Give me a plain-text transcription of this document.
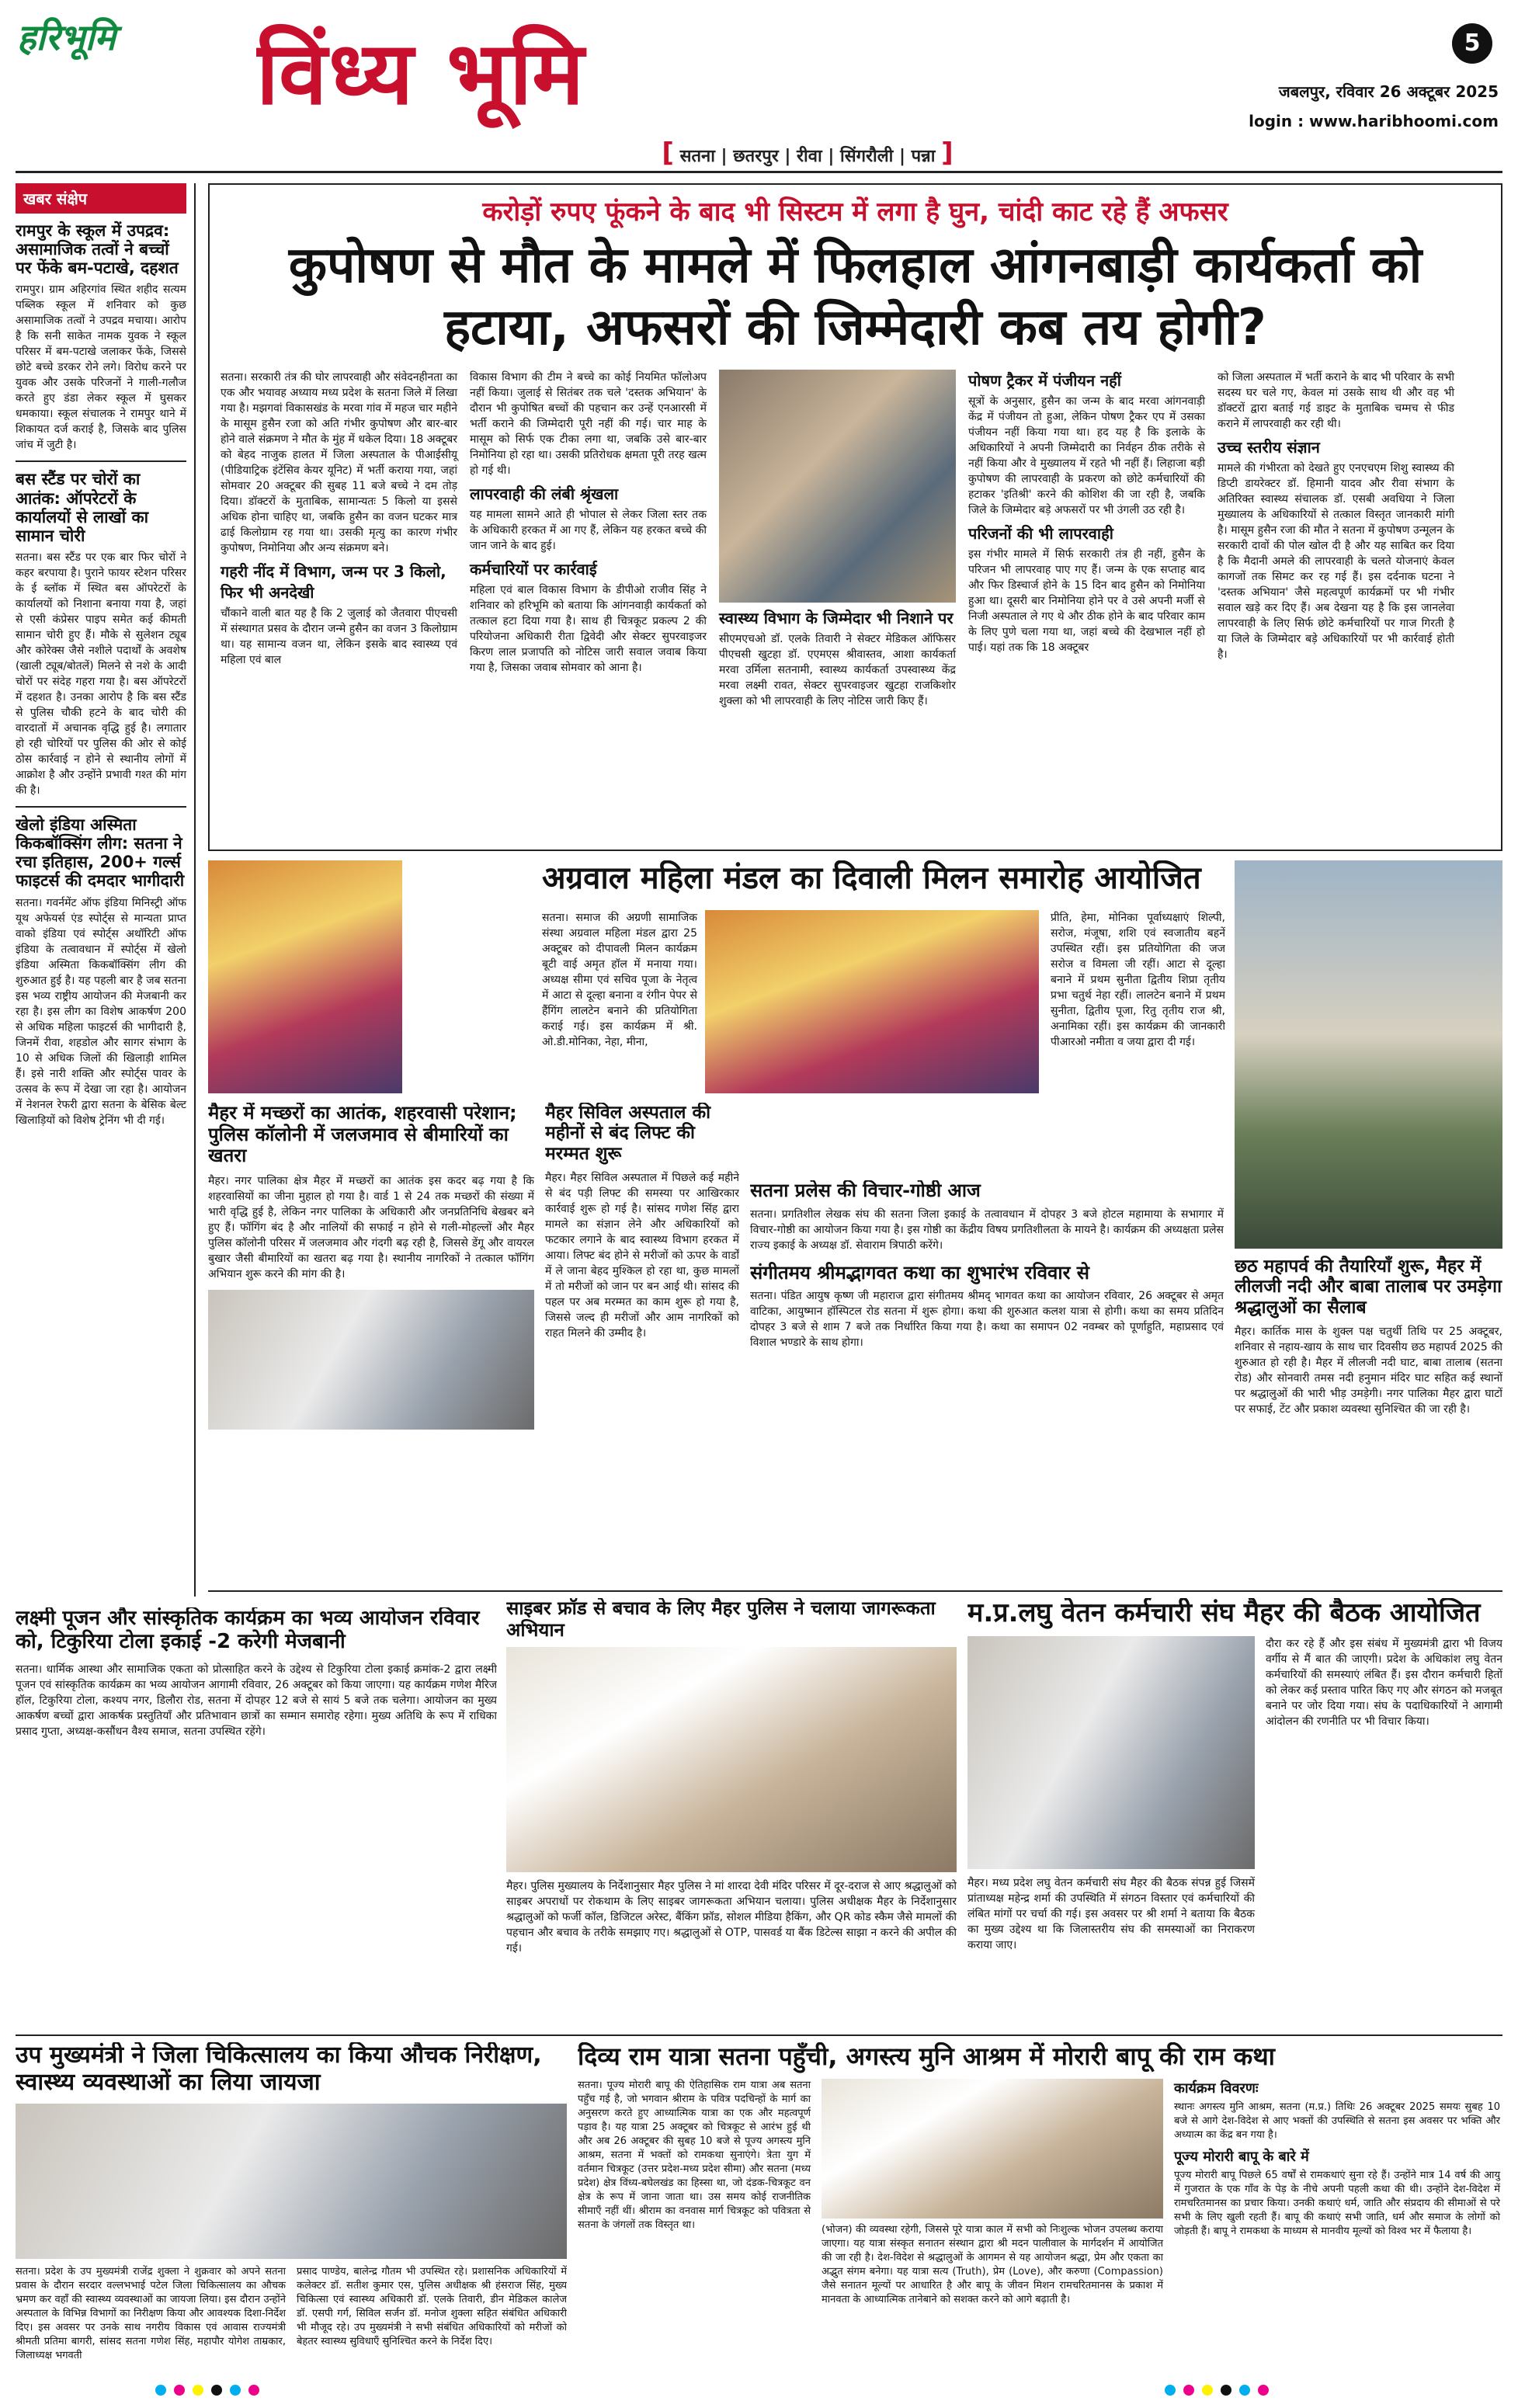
हरिभूमि	विंध्य भूमि	5
जबलपुर, रविवार 26 अक्टूबर 2025
login : www.haribhoomi.com
[ सतना | छतरपुर | रीवा | सिंगरौली | पन्ना ]
खबर संक्षेप
रामपुर के स्कूल में उपद्रव: असामाजिक तत्वों ने बच्चों पर फेंके बम-पटाखे, दहशत
रामपुर। ग्राम अहिरगांव स्थित शहीद सत्यम पब्लिक स्कूल में शनिवार को कुछ असामाजिक तत्वों ने उपद्रव मचाया। आरोप है कि सनी साकेत नामक युवक ने स्कूल परिसर में बम-पटाखे जलाकर फेंके, जिससे छोटे बच्चे डरकर रोने लगे। विरोध करने पर युवक और उसके परिजनों ने गाली-गलौज करते हुए डंडा लेकर स्कूल में घुसकर धमकाया। स्कूल संचालक ने रामपुर थाने में शिकायत दर्ज कराई है, जिसके बाद पुलिस जांच में जुटी है।
बस स्टैंड पर चोरों का आतंक: ऑपरेटरों के कार्यालयों से लाखों का सामान चोरी
सतना। बस स्टैंड पर एक बार फिर चोरों ने कहर बरपाया है। पुराने फायर स्टेशन परिसर के ई ब्लॉक में स्थित बस ऑपरेटरों के कार्यालयों को निशाना बनाया गया है, जहां से एसी कंप्रेसर पाइप समेत कई कीमती सामान चोरी हुए हैं। मौके से सुलेशन ट्यूब और कोरेक्स जैसे नशीले पदार्थों के अवशेष (खाली ट्यूब/बोतलें) मिलने से नशे के आदी चोरों पर संदेह गहरा गया है। बस ऑपरेटरों में दहशत है। उनका आरोप है कि बस स्टैंड से पुलिस चौकी हटने के बाद चोरी की वारदातों में अचानक वृद्धि हुई है। लगातार हो रही चोरियों पर पुलिस की ओर से कोई ठोस कार्रवाई न होने से स्थानीय लोगों में आक्रोश है और उन्होंने प्रभावी गश्त की मांग की है।
खेलो इंडिया अस्मिता किकबॉक्सिंग लीग: सतना ने रचा इतिहास, 200+ गर्ल्स फाइटर्स की दमदार भागीदारी
सतना। गवर्नमेंट ऑफ इंडिया मिनिस्ट्री ऑफ यूथ अफेयर्स एंड स्पोर्ट्स से मान्यता प्राप्त वाको इंडिया एवं स्पोर्ट्स अथॉरिटी ऑफ इंडिया के तत्वावधान में स्पोर्ट्स में खेलो इंडिया अस्मिता किकबॉक्सिंग लीग की शुरुआत हुई है। यह पहली बार है जब सतना इस भव्य राष्ट्रीय आयोजन की मेजबानी कर रहा है। इस लीग का विशेष आकर्षण 200 से अधिक महिला फाइटर्स की भागीदारी है, जिनमें रीवा, शहडोल और सागर संभाग के 10 से अधिक जिलों की खिलाड़ी शामिल हैं। इसे नारी शक्ति और स्पोर्ट्स पावर के उत्सव के रूप में देखा जा रहा है। आयोजन में नेशनल रेफरी द्वारा सतना के बेसिक बेल्ट खिलाड़ियों को विशेष ट्रेनिंग भी दी गई।
करोड़ों रुपए फूंकने के बाद भी सिस्टम में लगा है घुन, चांदी काट रहे हैं अफसर
कुपोषण से मौत के मामले में फिलहाल आंगनबाड़ी कार्यकर्ता को हटाया, अफसरों की जिम्मेदारी कब तय होगी?
सतना। सरकारी तंत्र की घोर लापरवाही और संवेदनहीनता का एक और भयावह अध्याय मध्य प्रदेश के सतना जिले में लिखा गया है। मझगवां विकासखंड के मरवा गांव में महज चार महीने के मासूम हुसैन रजा को अति गंभीर कुपोषण और बार-बार होने वाले संक्रमण ने मौत के मुंह में धकेल दिया। 18 अक्टूबर को बेहद नाजुक हालत में जिला अस्पताल के पीआईसीयू (पीडियाट्रिक इंटेंसिव केयर यूनिट) में भर्ती कराया गया, जहां सोमवार 20 अक्टूबर की सुबह 11 बजे बच्चे ने दम तोड़ दिया। डॉक्टरों के मुताबिक, सामान्यतः 5 किलो या इससे अधिक होना चाहिए था, जबकि हुसैन का वजन घटकर मात्र ढाई किलोग्राम रह गया था। उसकी मृत्यु का कारण गंभीर कुपोषण, निमोनिया और अन्य संक्रमण बने।
गहरी नींद में विभाग, जन्म पर 3 किलो, फिर भी अनदेखी
चौंकाने वाली बात यह है कि 2 जुलाई को जैतवारा पीएचसी में संस्थागत प्रसव के दौरान जन्मे हुसैन का वजन 3 किलोग्राम था। यह सामान्य वजन था, लेकिन इसके बाद स्वास्थ्य एवं महिला एवं बाल
विकास विभाग की टीम ने बच्चे का कोई नियमित फॉलोअप नहीं किया। जुलाई से सितंबर तक चले 'दस्तक अभियान' के दौरान भी कुपोषित बच्चों की पहचान कर उन्हें एनआरसी में भर्ती कराने की जिम्मेदारी पूरी नहीं की गई। चार माह के मासूम को सिर्फ एक टीका लगा था, जबकि उसे बार-बार निमोनिया हो रहा था। उसकी प्रतिरोधक क्षमता पूरी तरह खत्म हो गई थी।
लापरवाही की लंबी श्रृंखला
यह मामला सामने आते ही भोपाल से लेकर जिला स्तर तक के अधिकारी हरकत में आ गए हैं, लेकिन यह हरकत बच्चे की जान जाने के बाद हुई।
कर्मचारियों पर कार्रवाई
महिला एवं बाल विकास विभाग के डीपीओ राजीव सिंह ने शनिवार को हरिभूमि को बताया कि आंगनवाड़ी कार्यकर्ता को तत्काल हटा दिया गया है। साथ ही चित्रकूट प्रकल्प 2 की परियोजना अधिकारी रीता द्विवेदी और सेक्टर सुपरवाइजर किरण लाल प्रजापति को नोटिस जारी सवाल जवाब किया गया है, जिसका जवाब सोमवार को आना है।
स्वास्थ्य विभाग के जिम्मेदार भी निशाने पर
सीएमएचओ डॉ. एलके तिवारी ने सेक्टर मेडिकल ऑफिसर पीएचसी खुटहा डॉ. एएमएस श्रीवास्तव, आशा कार्यकर्ता मरवा उर्मिला सतनामी, स्वास्थ्य कार्यकर्ता उपस्वास्थ्य केंद्र मरवा लक्ष्मी रावत, सेक्टर सुपरवाइजर खुटहा राजकिशोर शुक्ला को भी लापरवाही के लिए नोटिस जारी किए हैं।
पोषण ट्रैकर में पंजीयन नहीं
सूत्रों के अनुसार, हुसैन का जन्म के बाद मरवा आंगनवाड़ी केंद्र में पंजीयन तो हुआ, लेकिन पोषण ट्रैकर एप में उसका पंजीयन नहीं किया गया था। हद यह है कि इलाके के अधिकारियों ने अपनी जिम्मेदारी का निर्वहन ठीक तरीके से नहीं किया और वे मुख्यालय में रहते भी नहीं हैं। लिहाजा बड़ी कुपोषण की लापरवाही के प्रकरण को छोटे कर्मचारियों की हटाकर 'इतिश्री' करने की कोशिश की जा रही है, जबकि जिले के जिम्मेदार बड़े अफसरों पर भी उंगली उठ रही है।
परिजनों की भी लापरवाही
इस गंभीर मामले में सिर्फ सरकारी तंत्र ही नहीं, हुसैन के परिजन भी लापरवाह पाए गए हैं। जन्म के एक सप्ताह बाद और फिर डिस्चार्ज होने के 15 दिन बाद हुसैन को निमोनिया हुआ था। दूसरी बार निमोनिया होने पर वे उसे अपनी मर्जी से निजी अस्पताल ले गए थे और ठीक होने के बाद परिवार काम के लिए पुणे चला गया था, जहां बच्चे की देखभाल नहीं हो पाई। यहां तक कि 18 अक्टूबर
को जिला अस्पताल में भर्ती कराने के बाद भी परिवार के सभी सदस्य घर चले गए, केवल मां उसके साथ थी और वह भी डॉक्टरों द्वारा बताई गई डाइट के मुताबिक चम्मच से फीड कराने में लापरवाही कर रही थी।
उच्च स्तरीय संज्ञान
मामले की गंभीरता को देखते हुए एनएचएम शिशु स्वास्थ्य की डिप्टी डायरेक्टर डॉ. हिमानी यादव और रीवा संभाग के अतिरिक्त स्वास्थ्य संचालक डॉ. एसबी अवधिया ने जिला मुख्यालय के अधिकारियों से तत्काल विस्तृत जानकारी मांगी है। मासूम हुसैन रजा की मौत ने सतना में कुपोषण उन्मूलन के सरकारी दावों की पोल खोल दी है और यह साबित कर दिया है कि मैदानी अमले की लापरवाही के चलते योजनाएं केवल कागजों तक सिमट कर रह गई हैं। इस दर्दनाक घटना ने 'दस्तक अभियान' जैसे महत्वपूर्ण कार्यक्रमों पर भी गंभीर सवाल खड़े कर दिए हैं। अब देखना यह है कि इस जानलेवा लापरवाही के लिए सिर्फ छोटे कर्मचारियों पर गाज गिरती है या जिले के जिम्मेदार बड़े अधिकारियों पर भी कार्रवाई होती है।
अग्रवाल महिला मंडल का दिवाली मिलन समारोह आयोजित
सतना। समाज की अग्रणी सामाजिक संस्था अग्रवाल महिला मंडल द्वारा 25 अक्टूबर को दीपावली मिलन कार्यक्रम बूटी वाई अमृत हॉल में मनाया गया। अध्यक्ष सीमा एवं सचिव पूजा के नेतृत्व में आटा से दूल्हा बनाना व रंगीन पेपर से हैंगिंग लालटेन बनाने की प्रतियोगिता कराई गई। इस कार्यक्रम में श्री. ओ.डी.मोनिका, नेहा, मीना,
प्रीति, हेमा, मोनिका पूर्वाध्यक्षाएं शिल्पी, सरोज, मंजूषा, शशि एवं स्वजातीय बहनें उपस्थित रहीं। इस प्रतियोगिता की जज सरोज व विमला जी रहीं। आटा से दूल्हा बनाने में प्रथम सुनीता द्वितीय शिप्रा तृतीय प्रभा चतुर्थ नेहा रहीं। लालटेन बनाने में प्रथम सुनीता, द्वितीय पूजा, रितु तृतीय राज श्री, अनामिका रहीं। इस कार्यक्रम की जानकारी पीआरओ नमीता व जया द्वारा दी गई।
मैहर में मच्छरों का आतंक, शहरवासी परेशान; पुलिस कॉलोनी में जलजमाव से बीमारियों का खतरा
मैहर। नगर पालिका क्षेत्र मैहर में मच्छरों का आतंक इस कदर बढ़ गया है कि शहरवासियों का जीना मुहाल हो गया है। वार्ड 1 से 24 तक मच्छरों की संख्या में भारी वृद्धि हुई है, लेकिन नगर पालिका के अधिकारी और जनप्रतिनिधि बेखबर बने हुए हैं। फॉगिंग बंद है और नालियों की सफाई न होने से गली-मोहल्लों और मैहर पुलिस कॉलोनी परिसर में जलजमाव और गंदगी बढ़ रही है, जिससे डेंगू और वायरल बुखार जैसी बीमारियों का खतरा बढ़ गया है। स्थानीय नागरिकों ने तत्काल फॉगिंग अभियान शुरू करने की मांग की है।
मैहर सिविल अस्पताल की महीनों से बंद लिफ्ट की मरम्मत शुरू
मैहर। मैहर सिविल अस्पताल में पिछले कई महीने से बंद पड़ी लिफ्ट की समस्या पर आखिरकार कार्रवाई शुरू हो गई है। सांसद गणेश सिंह द्वारा मामले का संज्ञान लेने और अधिकारियों को फटकार लगाने के बाद स्वास्थ्य विभाग हरकत में आया। लिफ्ट बंद होने से मरीजों को ऊपर के वार्डों में ले जाना बेहद मुश्किल हो रहा था, कुछ मामलों में तो मरीजों को जान पर बन आई थी। सांसद की पहल पर अब मरम्मत का काम शुरू हो गया है, जिससे जल्द ही मरीजों और आम नागरिकों को राहत मिलने की उम्मीद है।
सतना प्रलेस की विचार-गोष्ठी आज
सतना। प्रगतिशील लेखक संघ की सतना जिला इकाई के तत्वावधान में दोपहर 3 बजे होटल महामाया के सभागार में विचार-गोष्ठी का आयोजन किया गया है। इस गोष्ठी का केंद्रीय विषय प्रगतिशीलता के मायने है। कार्यक्रम की अध्यक्षता प्रलेस राज्य इकाई के अध्यक्ष डॉ. सेवाराम त्रिपाठी करेंगे।
संगीतमय श्रीमद्भागवत कथा का शुभारंभ रविवार से
सतना। पंडित आयुष कृष्ण जी महाराज द्वारा संगीतमय श्रीमद् भागवत कथा का आयोजन रविवार, 26 अक्टूबर से अमृत वाटिका, आयुष्मान हॉस्पिटल रोड सतना में शुरू होगा। कथा की शुरुआत कलश यात्रा से होगी। कथा का समय प्रतिदिन दोपहर 3 बजे से शाम 7 बजे तक निर्धारित किया गया है। कथा का समापन 02 नवम्बर को पूर्णाहुति, महाप्रसाद एवं विशाल भण्डारे के साथ होगा।
छठ महापर्व की तैयारियाँ शुरू, मैहर में लीलजी नदी और बाबा तालाब पर उमड़ेगा श्रद्धालुओं का सैलाब
मैहर। कार्तिक मास के शुक्ल पक्ष चतुर्थी तिथि पर 25 अक्टूबर, शनिवार से नहाय-खाय के साथ चार दिवसीय छठ महापर्व 2025 की शुरुआत हो रही है। मैहर में लीलजी नदी घाट, बाबा तालाब (सतना रोड) और सोनवारी तमस नदी हनुमान मंदिर घाट सहित कई स्थानों पर श्रद्धालुओं की भारी भीड़ उमड़ेगी। नगर पालिका मैहर द्वारा घाटों पर सफाई, टेंट और प्रकाश व्यवस्था सुनिश्चित की जा रही है।
साइबर फ्रॉड से बचाव के लिए मैहर पुलिस ने चलाया जागरूकता अभियान
मैहर। पुलिस मुख्यालय के निर्देशानुसार मैहर पुलिस ने मां शारदा देवी मंदिर परिसर में दूर-दराज से आए श्रद्धालुओं को साइबर अपराधों पर रोकथाम के लिए साइबर जागरूकता अभियान चलाया। पुलिस अधीक्षक मैहर के निर्देशानुसार श्रद्धालुओं को फर्जी कॉल, डिजिटल अरेस्ट, बैंकिंग फ्रॉड, सोशल मीडिया हैकिंग, और QR कोड स्कैम जैसे मामलों की पहचान और बचाव के तरीके समझाए गए। श्रद्धालुओं से OTP, पासवर्ड या बैंक डिटेल्स साझा न करने की अपील की गई।
म.प्र.लघु वेतन कर्मचारी संघ मैहर की बैठक आयोजित
मैहर। मध्य प्रदेश लघु वेतन कर्मचारी संघ मैहर की बैठक संपन्न हुई जिसमें प्रांताध्यक्ष महेन्द्र शर्मा की उपस्थिति में संगठन विस्तार एवं कर्मचारियों की लंबित मांगों पर चर्चा की गई। इस अवसर पर श्री शर्मा ने बताया कि बैठक का मुख्य उद्देश्य था कि जिलास्तरीय संघ की समस्याओं का निराकरण कराया जाए।
दौरा कर रहे हैं और इस संबंध में मुख्यमंत्री द्वारा भी विजय वर्गीय से मैं बात की जाएगी। प्रदेश के अधिकांश लघु वेतन कर्मचारियों की समस्याएं लंबित हैं। इस दौरान कर्मचारी हितों को लेकर कई प्रस्ताव पारित किए गए और संगठन को मजबूत बनाने पर जोर दिया गया। संघ के पदाधिकारियों ने आगामी आंदोलन की रणनीति पर भी विचार किया।
लक्ष्मी पूजन और सांस्कृतिक कार्यक्रम का भव्य आयोजन रविवार को, टिकुरिया टोला इकाई -2 करेगी मेजबानी
सतना। धार्मिक आस्था और सामाजिक एकता को प्रोत्साहित करने के उद्देश्य से टिकुरिया टोला इकाई क्रमांक-2 द्वारा लक्ष्मी पूजन एवं सांस्कृतिक कार्यक्रम का भव्य आयोजन आगामी रविवार, 26 अक्टूबर को किया जाएगा। यह कार्यक्रम गणेश मैरिज हॉल, टिकुरिया टोला, कश्यप नगर, डिलौरा रोड, सतना में दोपहर 12 बजे से सायं 5 बजे तक चलेगा। आयोजन का मुख्य आकर्षण बच्चों द्वारा आकर्षक प्रस्तुतियाँ और प्रतिभावान छात्रों का सम्मान समारोह रहेगा। मुख्य अतिथि के रूप में राधिका प्रसाद गुप्ता, अध्यक्ष-कसौंधन वैश्य समाज, सतना उपस्थित रहेंगे।
उप मुख्यमंत्री ने जिला चिकित्सालय का किया औचक निरीक्षण, स्वास्थ्य व्यवस्थाओं का लिया जायजा
सतना। प्रदेश के उप मुख्यमंत्री राजेंद्र शुक्ला ने शुक्रवार को अपने सतना प्रवास के दौरान सरदार वल्लभभाई पटेल जिला चिकित्सालय का औचक भ्रमण कर वहाँ की स्वास्थ्य व्यवस्थाओं का जायजा लिया। इस दौरान उन्होंने अस्पताल के विभिन्न विभागों का निरीक्षण किया और आवश्यक दिशा-निर्देश दिए। इस अवसर पर उनके साथ नगरीय विकास एवं आवास राज्यमंत्री श्रीमती प्रतिमा बागरी, सांसद सतना गणेश सिंह, महापौर योगेश ताम्रकार, जिलाध्यक्ष भगवती
प्रसाद पाण्डेय, बालेन्द्र गौतम भी उपस्थित रहे। प्रशासनिक अधिकारियों में कलेक्टर डॉ. सतीश कुमार एस, पुलिस अधीक्षक श्री हंसराज सिंह, मुख्य चिकित्सा एवं स्वास्थ्य अधिकारी डॉ. एलके तिवारी, डीन मेडिकल कालेज डॉ. एसपी गर्ग, सिविल सर्जन डॉ. मनोज शुक्ला सहित संबंधित अधिकारी भी मौजूद रहे। उप मुख्यमंत्री ने सभी संबंधित अधिकारियों को मरीजों को बेहतर स्वास्थ्य सुविधाएँ सुनिश्चित करने के निर्देश दिए।
दिव्य राम यात्रा सतना पहुँची, अगस्त्य मुनि आश्रम में मोरारी बापू की राम कथा
सतना। पूज्य मोरारी बापू की ऐतिहासिक राम यात्रा अब सतना पहुँच गई है, जो भगवान श्रीराम के पवित्र पदचिन्हों के मार्ग का अनुसरण करते हुए आध्यात्मिक यात्रा का एक और महत्वपूर्ण पड़ाव है। यह यात्रा 25 अक्टूबर को चित्रकूट से आरंभ हुई थी और अब 26 अक्टूबर की सुबह 10 बजे से पूज्य अगस्त्य मुनि आश्रम, सतना में भक्तों को रामकथा सुनाएंगे। त्रेता युग में वर्तमान चित्रकूट (उत्तर प्रदेश-मध्य प्रदेश सीमा) और सतना (मध्य प्रदेश) क्षेत्र विंध्य-बघेलखंड का हिस्सा था, जो दंडक-चित्रकूट वन क्षेत्र के रूप में जाना जाता था। उस समय कोई राजनीतिक सीमाएँ नहीं थीं। श्रीराम का वनवास मार्ग चित्रकूट को पवित्रता से सतना के जंगलों तक विस्तृत था।	(भोजन) की व्यवस्था रहेगी, जिससे पूरे यात्रा काल में सभी को निःशुल्क भोजन उपलब्ध कराया जाएगा। यह यात्रा संस्कृत सनातन संस्थान द्वारा श्री मदन पालीवाल के मार्गदर्शन में आयोजित की जा रही है। देश-विदेश से श्रद्धालुओं के आगमन से यह आयोजन श्रद्धा, प्रेम और एकता का अद्भुत संगम बनेगा। यह यात्रा सत्य (Truth), प्रेम (Love), और करुणा (Compassion) जैसे सनातन मूल्यों पर आधारित है और बापू के जीवन मिशन रामचरितमानस के प्रकाश में मानवता के आध्यात्मिक तानेबाने को सशक्त करने को आगे बढ़ाती है।
कार्यक्रम विवरणः
स्थानः अगस्त्य मुनि आश्रम, सतना (म.प्र.) तिथिः 26 अक्टूबर 2025 समयः सुबह 10 बजे से आगे देश-विदेश से आए भक्तों की उपस्थिति से सतना इस अवसर पर भक्ति और अध्यात्म का केंद्र बन गया है।
पूज्य मोरारी बापू के बारे में
पूज्य मोरारी बापू पिछले 65 वर्षों से रामकथाएं सुना रहे हैं। उन्होंने मात्र 14 वर्ष की आयु में गुजरात के एक गाँव के पेड़ के नीचे अपनी पहली कथा की थी। उन्होंने देश-विदेश में रामचरितमानस का प्रचार किया। उनकी कथाएं धर्म, जाति और संप्रदाय की सीमाओं से परे सभी के लिए खुली रहती हैं। बापू की कथाएं सभी जाति, धर्म और समाज के लोगों को जोड़ती हैं। बापू ने रामकथा के माध्यम से मानवीय मूल्यों को विश्व भर में फैलाया है।
